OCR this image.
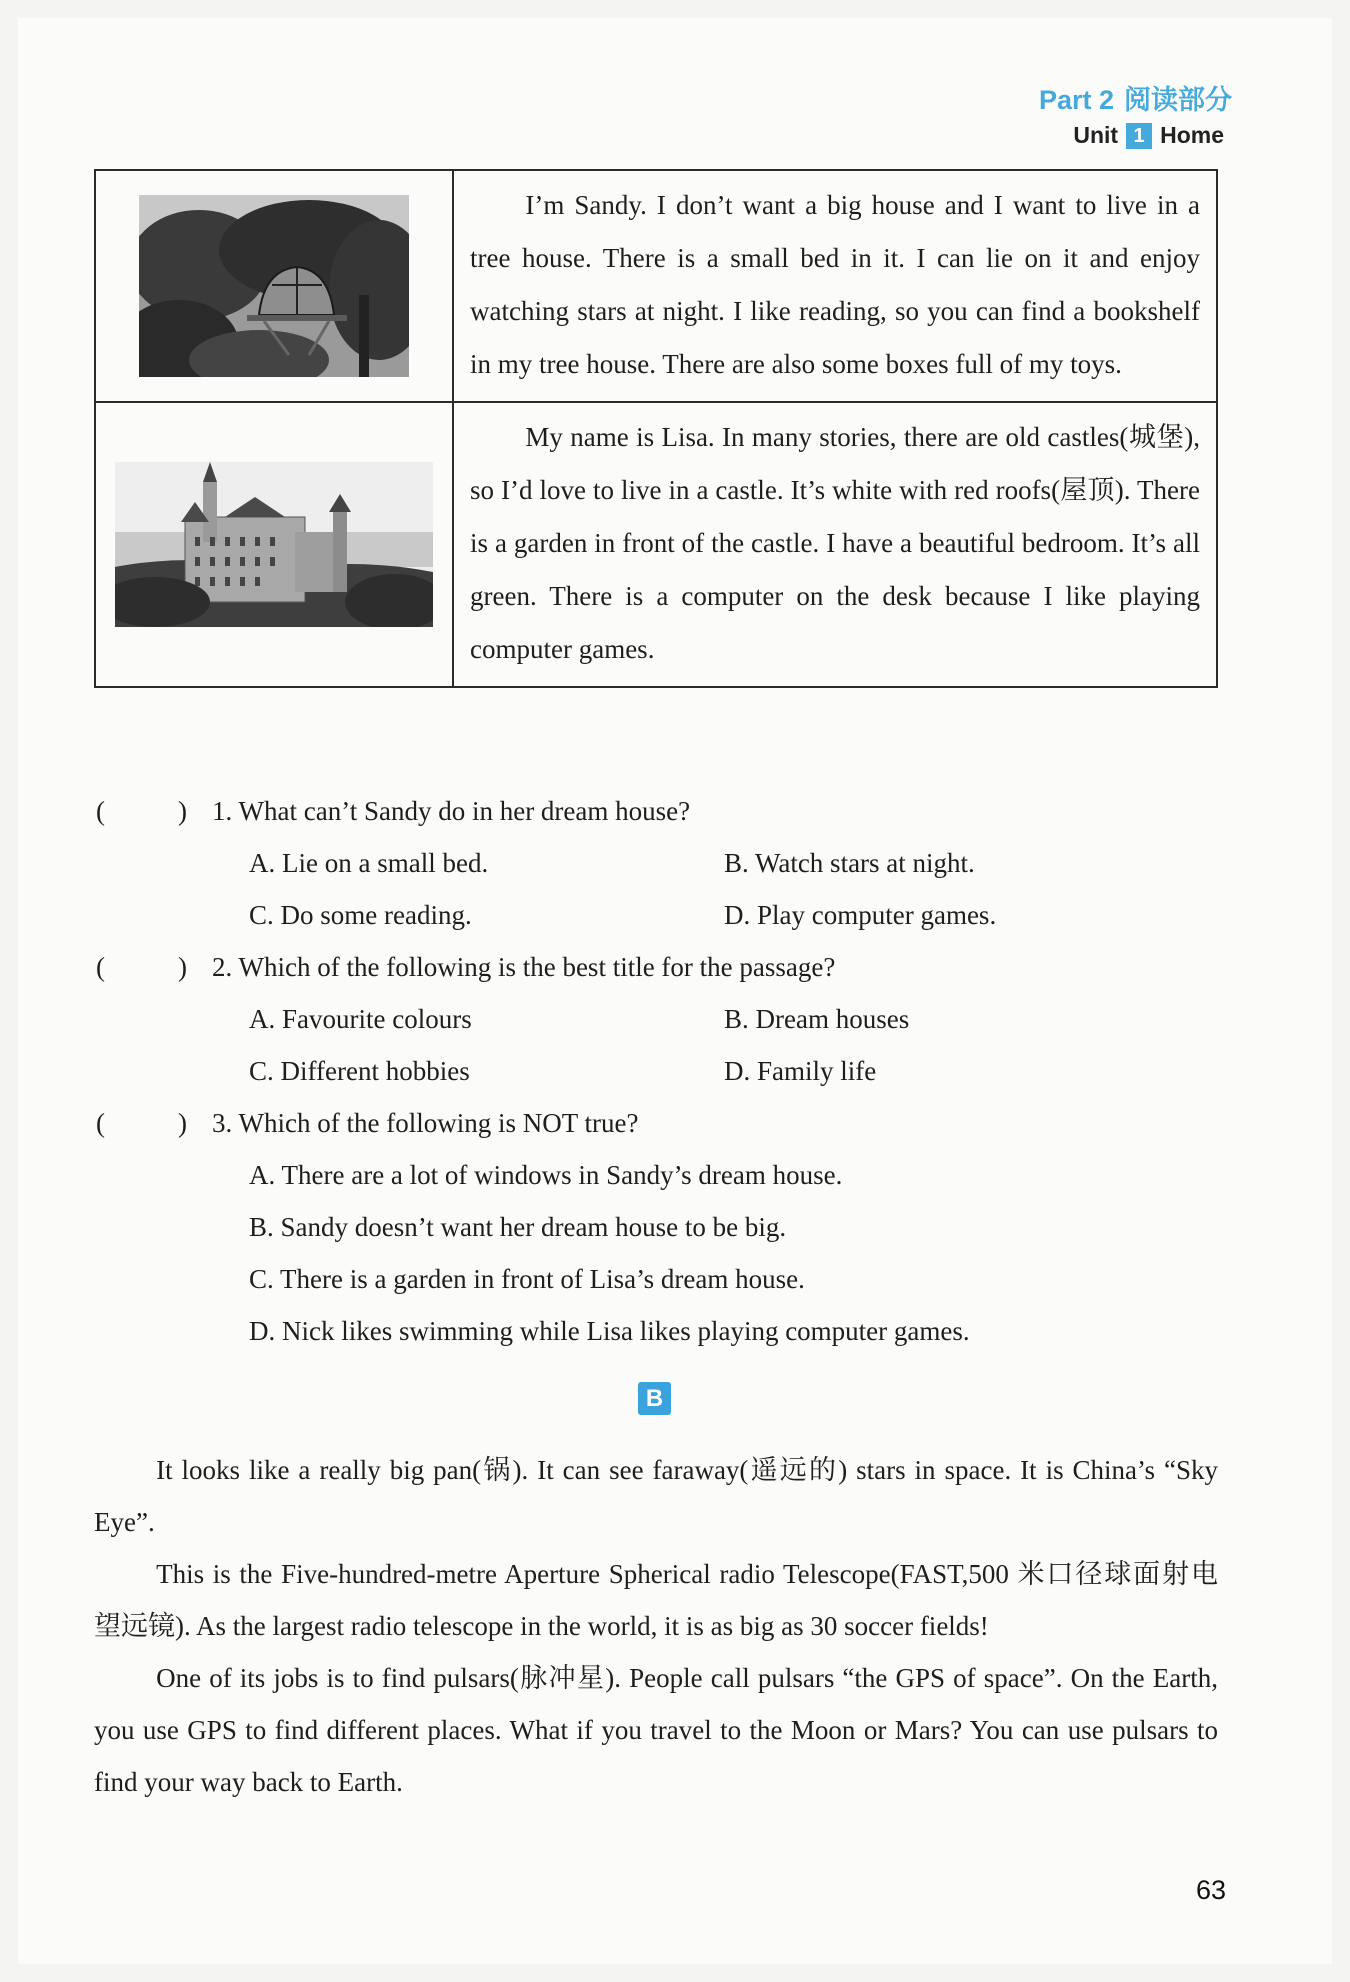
Part 2 阅读部分
Unit 1 Home

I’m Sandy. I don’t want a big house and I want to live in a tree house. There is a small bed in it. I can lie on it and enjoy watching stars at night. I like reading, so you can find a bookshelf in my tree house. There are also some boxes full of my toys.

My name is Lisa. In many stories, there are old castles(城堡), so I’d love to live in a castle. It’s white with red roofs(屋顶). There is a garden in front of the castle. I have a beautiful bedroom. It’s all green. There is a computer on the desk because I like playing computer games.

(	) 1. What can’t Sandy do in her dream house?
A. Lie on a small bed.	B. Watch stars at night.
C. Do some reading.	D. Play computer games.
(	) 2. Which of the following is the best title for the passage?
A. Favourite colours	B. Dream houses
C. Different hobbies	D. Family life
(	) 3. Which of the following is NOT true?
A. There are a lot of windows in Sandy’s dream house.
B. Sandy doesn’t want her dream house to be big.
C. There is a garden in front of Lisa’s dream house.
D. Nick likes swimming while Lisa likes playing computer games.
B

It looks like a really big pan(锅). It can see faraway(遥远的) stars in space. It is China’s “Sky Eye”.

This is the Five-hundred-metre Aperture Spherical radio Telescope(FAST,500 米口径球面射电望远镜). As the largest radio telescope in the world, it is as big as 30 soccer fields!

One of its jobs is to find pulsars(脉冲星). People call pulsars “the GPS of space”. On the Earth, you use GPS to find different places. What if you travel to the Moon or Mars? You can use pulsars to find your way back to Earth.

63
